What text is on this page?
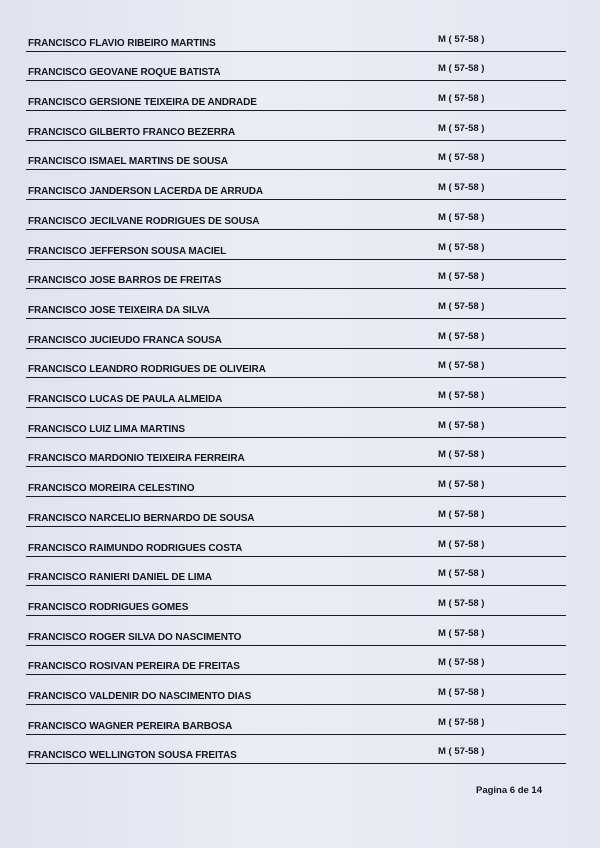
FRANCISCO FLAVIO RIBEIRO MARTINS	M ( 57-58 )
FRANCISCO GEOVANE ROQUE BATISTA	M ( 57-58 )
FRANCISCO GERSIONE TEIXEIRA DE ANDRADE	M ( 57-58 )
FRANCISCO GILBERTO FRANCO BEZERRA	M ( 57-58 )
FRANCISCO ISMAEL MARTINS DE SOUSA	M ( 57-58 )
FRANCISCO JANDERSON LACERDA DE ARRUDA	M ( 57-58 )
FRANCISCO JECILVANE RODRIGUES DE SOUSA	M ( 57-58 )
FRANCISCO JEFFERSON SOUSA MACIEL	M ( 57-58 )
FRANCISCO JOSE BARROS DE FREITAS	M ( 57-58 )
FRANCISCO JOSE TEIXEIRA DA SILVA	M ( 57-58 )
FRANCISCO JUCIEUDO FRANCA SOUSA	M ( 57-58 )
FRANCISCO LEANDRO RODRIGUES DE OLIVEIRA	M ( 57-58 )
FRANCISCO LUCAS DE PAULA ALMEIDA	M ( 57-58 )
FRANCISCO LUIZ LIMA MARTINS	M ( 57-58 )
FRANCISCO MARDONIO TEIXEIRA FERREIRA	M ( 57-58 )
FRANCISCO MOREIRA CELESTINO	M ( 57-58 )
FRANCISCO NARCELIO BERNARDO DE SOUSA	M ( 57-58 )
FRANCISCO RAIMUNDO RODRIGUES COSTA	M ( 57-58 )
FRANCISCO RANIERI DANIEL DE LIMA	M ( 57-58 )
FRANCISCO RODRIGUES GOMES	M ( 57-58 )
FRANCISCO ROGER SILVA DO NASCIMENTO	M ( 57-58 )
FRANCISCO ROSIVAN PEREIRA DE FREITAS	M ( 57-58 )
FRANCISCO VALDENIR DO NASCIMENTO DIAS	M ( 57-58 )
FRANCISCO WAGNER PEREIRA BARBOSA	M ( 57-58 )
FRANCISCO WELLINGTON SOUSA FREITAS	M ( 57-58 )
Pagina 6 de 14
